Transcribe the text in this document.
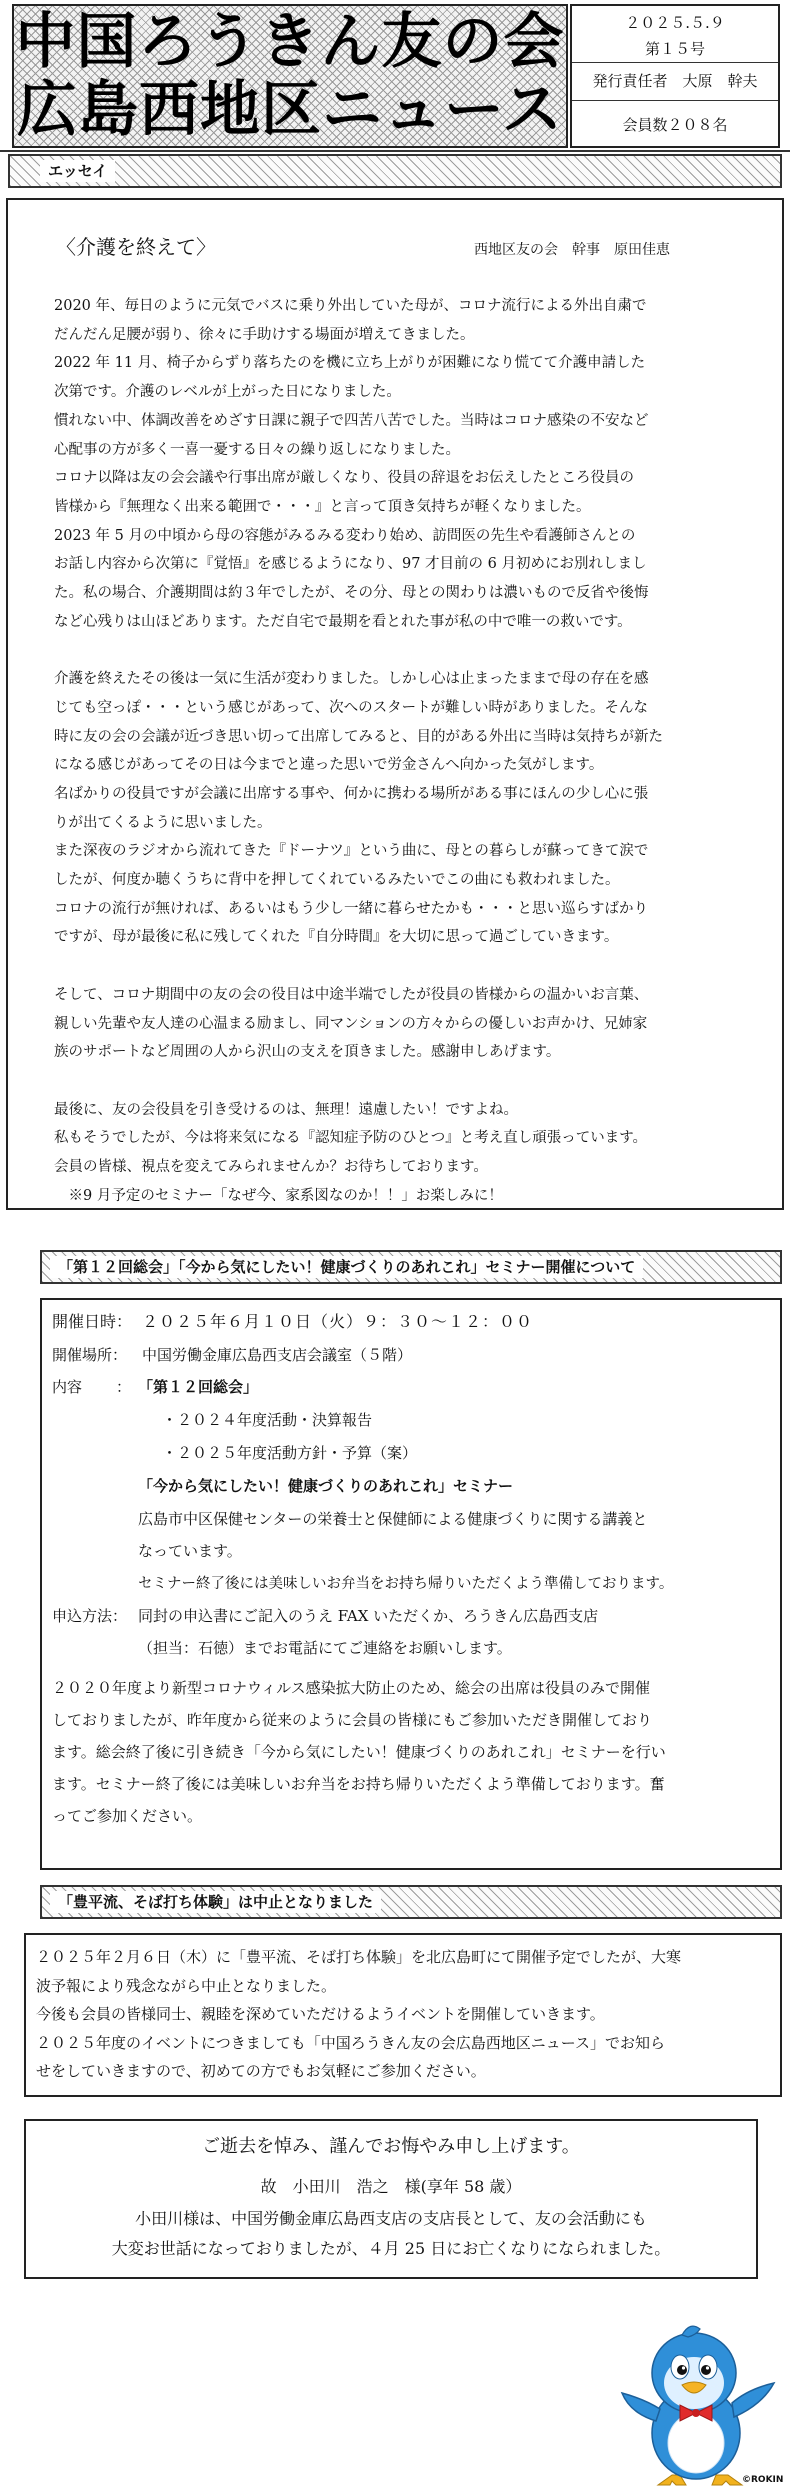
中国ろうきん友の会
広島西地区ニュース
２０２５.５.９
第１５号
発行責任者　大原　幹夫
会員数２０８名
エッセイ
〈介護を終えて〉	西地区友の会　幹事　原田佳恵
2020 年、毎日のように元気でバスに乗り外出していた母が、コロナ流行による外出自粛で
だんだん足腰が弱り、徐々に手助けする場面が増えてきました。
2022 年 11 月、椅子からずり落ちたのを機に立ち上がりが困難になり慌てて介護申請した
次第です。介護のレベルが上がった日になりました。
慣れない中、体調改善をめざす日課に親子で四苦八苦でした。当時はコロナ感染の不安など
心配事の方が多く一喜一憂する日々の繰り返しになりました。
コロナ以降は友の会会議や行事出席が厳しくなり、役員の辞退をお伝えしたところ役員の
皆様から『無理なく出来る範囲で・・・』と言って頂き気持ちが軽くなりました。
2023 年 5 月の中頃から母の容態がみるみる変わり始め、訪問医の先生や看護師さんとの
お話し内容から次第に『覚悟』を感じるようになり、97 才目前の 6 月初めにお別れしまし
た。私の場合、介護期間は約３年でしたが、その分、母との関わりは濃いもので反省や後悔
など心残りは山ほどあります。ただ自宅で最期を看とれた事が私の中で唯一の救いです。
介護を終えたその後は一気に生活が変わりました。しかし心は止まったままで母の存在を感
じても空っぽ・・・という感じがあって、次へのスタートが難しい時がありました。そんな
時に友の会の会議が近づき思い切って出席してみると、目的がある外出に当時は気持ちが新た
になる感じがあってその日は今までと違った思いで労金さんへ向かった気がします。
名ばかりの役員ですが会議に出席する事や、何かに携わる場所がある事にほんの少し心に張
りが出てくるように思いました。
また深夜のラジオから流れてきた『ドーナツ』という曲に、母との暮らしが蘇ってきて涙で
したが、何度か聴くうちに背中を押してくれているみたいでこの曲にも救われました。
コロナの流行が無ければ、あるいはもう少し一緒に暮らせたかも・・・と思い巡らすばかり
ですが、母が最後に私に残してくれた『自分時間』を大切に思って過ごしていきます。
そして、コロナ期間中の友の会の役目は中途半端でしたが役員の皆様からの温かいお言葉、
親しい先輩や友人達の心温まる励まし、同マンションの方々からの優しいお声かけ、兄姉家
族のサポートなど周囲の人から沢山の支えを頂きました。感謝申しあげます。
最後に、友の会役員を引き受けるのは、無理！遠慮したい！ですよね。
私もそうでしたが、今は将来気になる『認知症予防のひとつ』と考え直し頑張っています。
会員の皆様、視点を変えてみられませんか？お待ちしております。
　※9 月予定のセミナー「なぜ今、家系図なのか！！」お楽しみに！
「第１２回総会」「今から気にしたい！健康づくりのあれこれ」セミナー開催について
開催日時： ２０２５年６月１０日（火）９：３０～１２：００
開催場所： 中国労働金庫広島西支店会議室（５階）
内容 ： 「第１２回総会」
・２０２４年度活動・決算報告
・２０２５年度活動方針・予算（案）
「今から気にしたい！健康づくりのあれこれ」セミナー
広島市中区保健センターの栄養士と保健師による健康づくりに関する講義と
なっています。
セミナー終了後には美味しいお弁当をお持ち帰りいただくよう準備しております。
申込方法： 同封の申込書にご記入のうえ FAX いただくか、ろうきん広島西支店
（担当：石徳）までお電話にてご連絡をお願いします。
２０２０年度より新型コロナウィルス感染拡大防止のため、総会の出席は役員のみで開催
しておりましたが、昨年度から従来のように会員の皆様にもご参加いただき開催しており
ます。総会終了後に引き続き「今から気にしたい！健康づくりのあれこれ」セミナーを行い
ます。セミナー終了後には美味しいお弁当をお持ち帰りいただくよう準備しております。奮
ってご参加ください。
「豊平流、そば打ち体験」は中止となりました
２０２５年２月６日（木）に「豊平流、そば打ち体験」を北広島町にて開催予定でしたが、大寒
波予報により残念ながら中止となりました。
今後も会員の皆様同士、親睦を深めていただけるようイベントを開催していきます。
２０２５年度のイベントにつきましても「中国ろうきん友の会広島西地区ニュース」でお知ら
せをしていきますので、初めての方でもお気軽にご参加ください。
ご逝去を悼み、謹んでお悔やみ申し上げます。
故　小田川　浩之　様(享年 58 歳）
小田川様は、中国労働金庫広島西支店の支店長として、友の会活動にも
大変お世話になっておりましたが、４月 25 日にお亡くなりになられました。
©ROKIN
